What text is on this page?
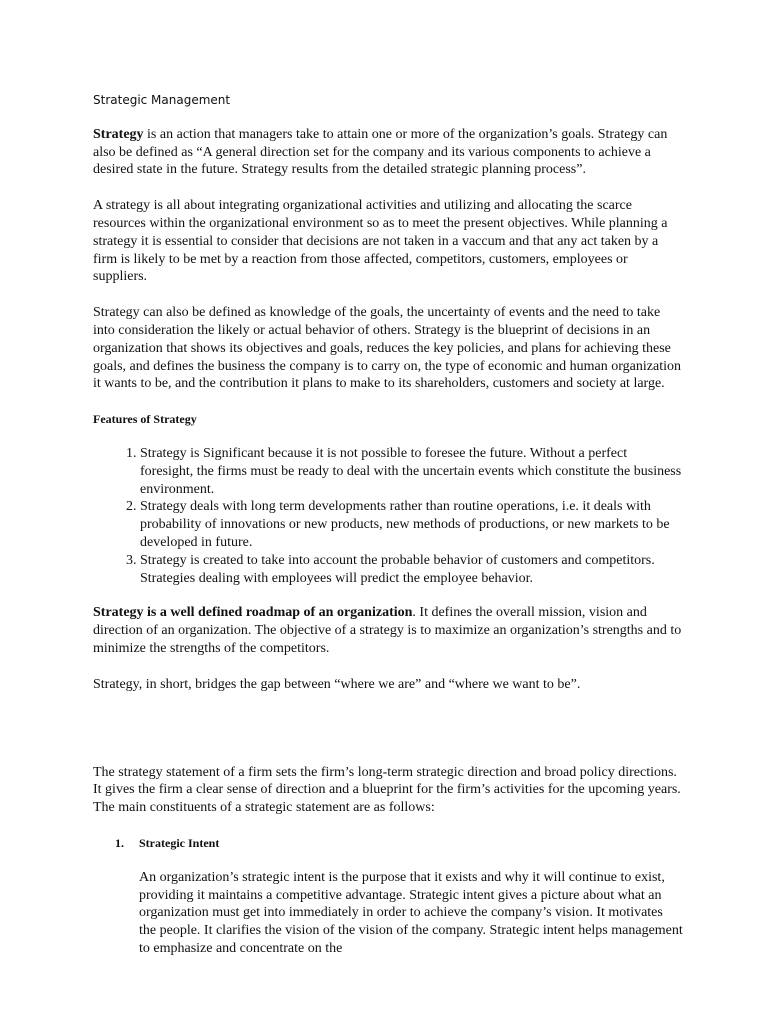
Strategic Management

Strategy is an action that managers take to attain one or more of the organization’s goals. Strategy can also be defined as “A general direction set for the company and its various components to achieve a desired state in the future. Strategy results from the detailed strategic planning process”.

A strategy is all about integrating organizational activities and utilizing and allocating the scarce resources within the organizational environment so as to meet the present objectives. While planning a strategy it is essential to consider that decisions are not taken in a vaccum and that any act taken by a firm is likely to be met by a reaction from those affected, competitors, customers, employees or suppliers.

Strategy can also be defined as knowledge of the goals, the uncertainty of events and the need to take into consideration the likely or actual behavior of others. Strategy is the blueprint of decisions in an organization that shows its objectives and goals, reduces the key policies, and plans for achieving these goals, and defines the business the company is to carry on, the type of economic and human organization it wants to be, and the contribution it plans to make to its shareholders, customers and society at large.

Features of Strategy
1. Strategy is Significant because it is not possible to foresee the future. Without a perfect foresight, the firms must be ready to deal with the uncertain events which constitute the business environment.
2. Strategy deals with long term developments rather than routine operations, i.e. it deals with probability of innovations or new products, new methods of productions, or new markets to be developed in future.
3. Strategy is created to take into account the probable behavior of customers and competitors. Strategies dealing with employees will predict the employee behavior.

Strategy is a well defined roadmap of an organization. It defines the overall mission, vision and direction of an organization. The objective of a strategy is to maximize an organization’s strengths and to minimize the strengths of the competitors.

Strategy, in short, bridges the gap between “where we are” and “where we want to be”.

The strategy statement of a firm sets the firm’s long-term strategic direction and broad policy directions. It gives the firm a clear sense of direction and a blueprint for the firm’s activities for the upcoming years. The main constituents of a strategic statement are as follows:

1.	Strategic Intent

An organization’s strategic intent is the purpose that it exists and why it will continue to exist, providing it maintains a competitive advantage. Strategic intent gives a picture about what an organization must get into immediately in order to achieve the company’s vision. It motivates the people. It clarifies the vision of the vision of the company. Strategic intent helps management to emphasize and concentrate on the
